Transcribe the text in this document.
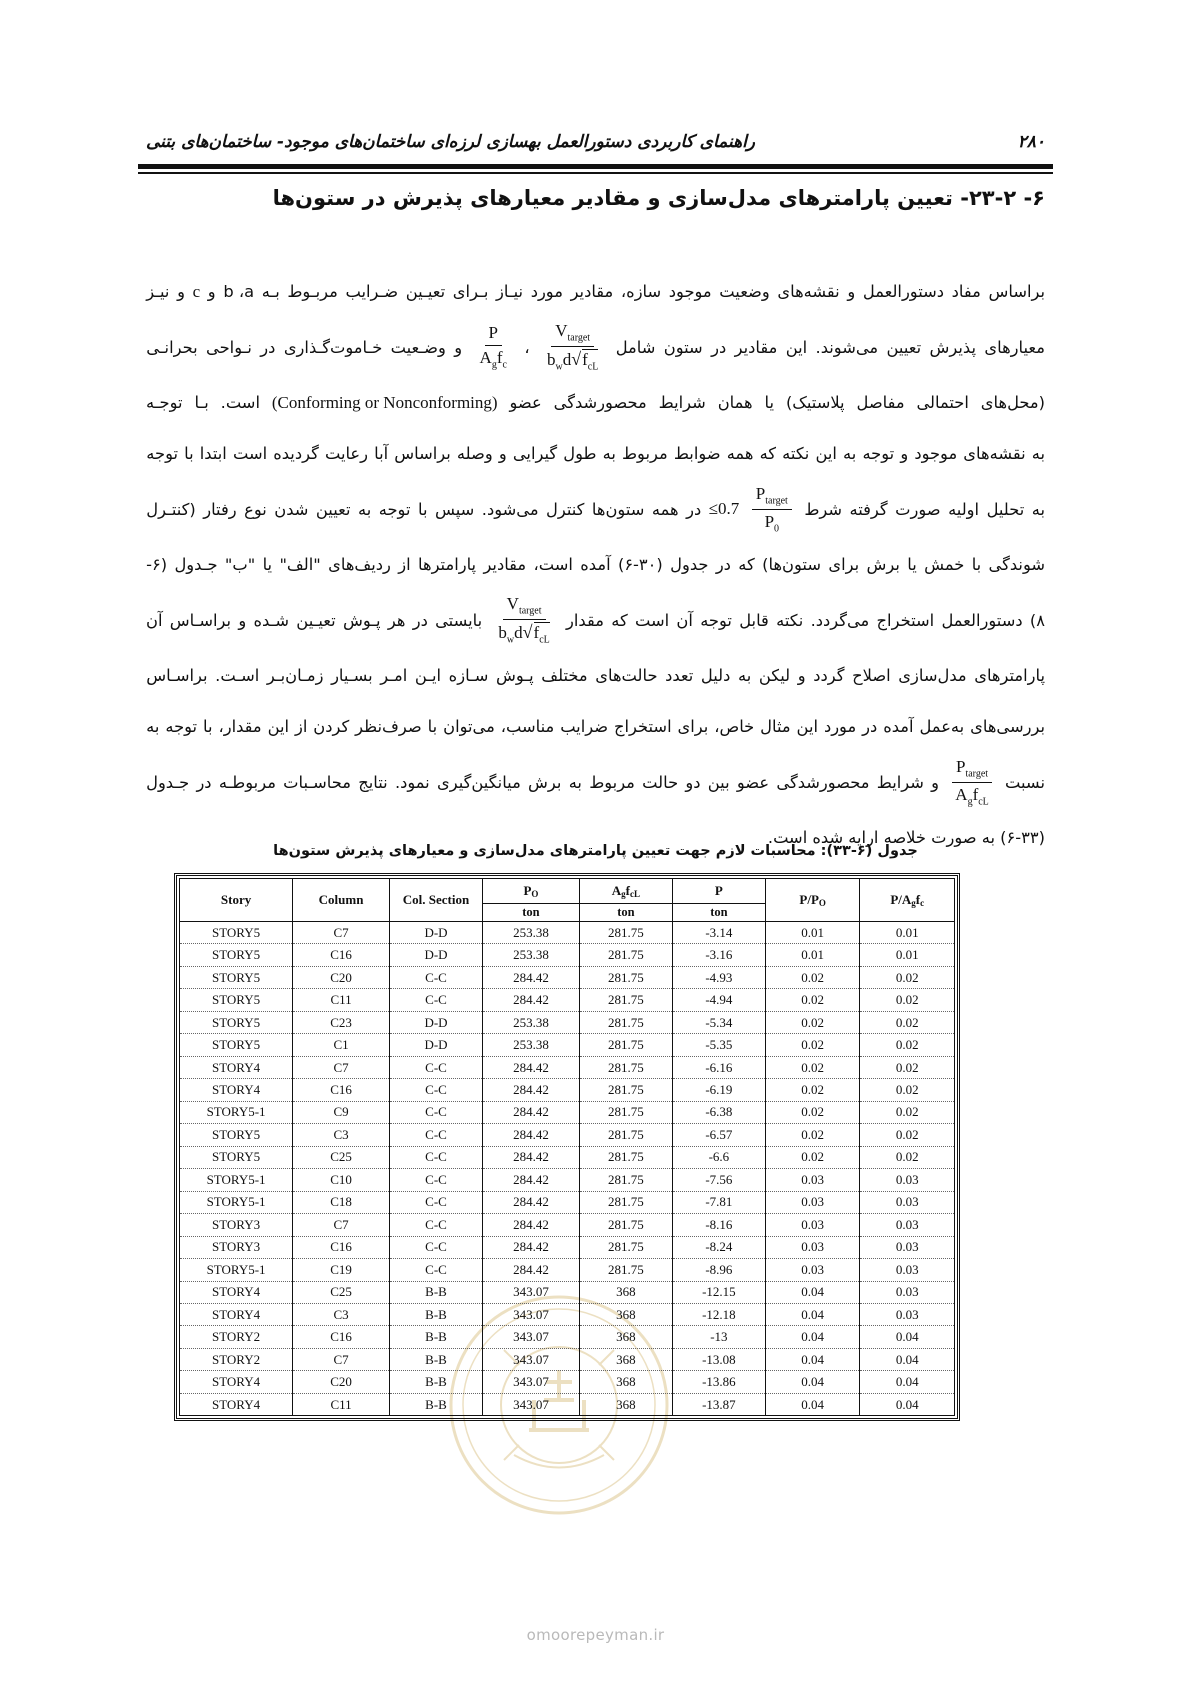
۲۸۰
راهنمای کاربردی دستورالعمل بهسازی لرزه‌ای ساختمان‌های موجود- ساختمان‌های بتنی
۶- ۲۳-۲- تعیین پارامترهای مدل‌سازی و مقادیر معیارهای پذیرش در ستون‌ها
براساس
مفاد
دستورالعمل
و
نقشه‌های
وضعیت
موجود
سازه،
مقادیر
مورد
نیـاز
بـرای
تعیـین
ضـرایب
مربـوط
بـه
b ،a
و
c
و
نیـز
معیارهای
پذیرش
تعیین
می‌شوند.
این
مقادیر
در
ستون
شامل
$\frac{V_{target}}{b_wd√f_{cL}}$
،
$\frac{P}{A_gf_c}$
و
وضـعیت
خـاموت‌گـذاری
در
نـواحی
بحرانـی
(محل‌های
احتمالی
مفاصل
پلاستیک)
یا
همان
شرایط
محصورشدگی
عضو
(Conforming or Nonconforming)
است.
بـا
توجـه
به
نقشه‌های
موجود
و
توجه
به
این
نکته
که
همه
ضوابط
مربوط
به
طول
گیرایی
و
وصله
براساس
آبا
رعایت
گردیده
است
ابتدا
با
توجه
به
تحلیل
اولیه
صورت
گرفته
شرط
$\frac{P_{target}}{P_0}$
≤0.7
در
همه
ستون‌ها
کنترل
می‌شود.
سپس
با
توجه
به
تعیین
شدن
نوع
رفتار
(کنتـرل
شوندگی
با
خمش
یا
برش
برای
ستون‌ها)
که
در
جدول
(۶-۳۰)
آمده
است،
مقادیر
پارامترها
از
ردیف‌های
"الف"
یا
"ب"
جـدول
(۶-
۸)
دستورالعمل
استخراج
می‌گردد.
نکته
قابل
توجه
آن
است
که
مقدار
$\frac{V_{target}}{b_wd√f_{cL}}$
بایستی
در
هر
پـوش
تعیـین
شـده
و
براسـاس
آن
پارامترهای
مدل‌سازی
اصلاح
گردد
و
لیکن
به
دلیل
تعدد
حالت‌های
مختلف
پـوش
سـازه
ایـن
امـر
بسـیار
زمـان‌بـر
اسـت.
براسـاس
بررسی‌های
به‌عمل
آمده
در
مورد
این
مثال
خاص،
برای
استخراج
ضرایب
مناسب،
می‌توان
با
صرف‌نظر
کردن
از
این
مقدار،
با
توجه
به
نسبت
$\frac{P_{target}}{A_gf_{cL}}$
و
شرایط
محصورشدگی
عضو
بین
دو
حالت
مربوط
به
برش
میانگین‌گیری
نمود.
نتایج
محاسـبات
مربوطـه
در
جـدول
(۶-۳۳) به صورت خلاصه ارایه شده است.
جدول (۶-۳۳): محاسبات لازم جهت تعیین پارامترهای مدل‌سازی و معیارهای پذیرش ستون‌ها
Story	Column	Col. Section	$P_O$	$A_gf_{cL}$	P	$P/P_O$	$P/A_gf_c$
			ton	ton	ton		
STORY5	C7	D-D	253.38	281.75	-3.14	0.01	0.01
STORY5	C16	D-D	253.38	281.75	-3.16	0.01	0.01
STORY5	C20	C-C	284.42	281.75	-4.93	0.02	0.02
STORY5	C11	C-C	284.42	281.75	-4.94	0.02	0.02
STORY5	C23	D-D	253.38	281.75	-5.34	0.02	0.02
STORY5	C1	D-D	253.38	281.75	-5.35	0.02	0.02
STORY4	C7	C-C	284.42	281.75	-6.16	0.02	0.02
STORY4	C16	C-C	284.42	281.75	-6.19	0.02	0.02
STORY5-1	C9	C-C	284.42	281.75	-6.38	0.02	0.02
STORY5	C3	C-C	284.42	281.75	-6.57	0.02	0.02
STORY5	C25	C-C	284.42	281.75	-6.6	0.02	0.02
STORY5-1	C10	C-C	284.42	281.75	-7.56	0.03	0.03
STORY5-1	C18	C-C	284.42	281.75	-7.81	0.03	0.03
STORY3	C7	C-C	284.42	281.75	-8.16	0.03	0.03
STORY3	C16	C-C	284.42	281.75	-8.24	0.03	0.03
STORY5-1	C19	C-C	284.42	281.75	-8.96	0.03	0.03
STORY4	C25	B-B	343.07	368	-12.15	0.04	0.03
STORY4	C3	B-B	343.07	368	-12.18	0.04	0.03
STORY2	C16	B-B	343.07	368	-13	0.04	0.04
STORY2	C7	B-B	343.07	368	-13.08	0.04	0.04
STORY4	C20	B-B	343.07	368	-13.86	0.04	0.04
STORY4	C11	B-B	343.07	368	-13.87	0.04	0.04
omoorepeyman.ir
